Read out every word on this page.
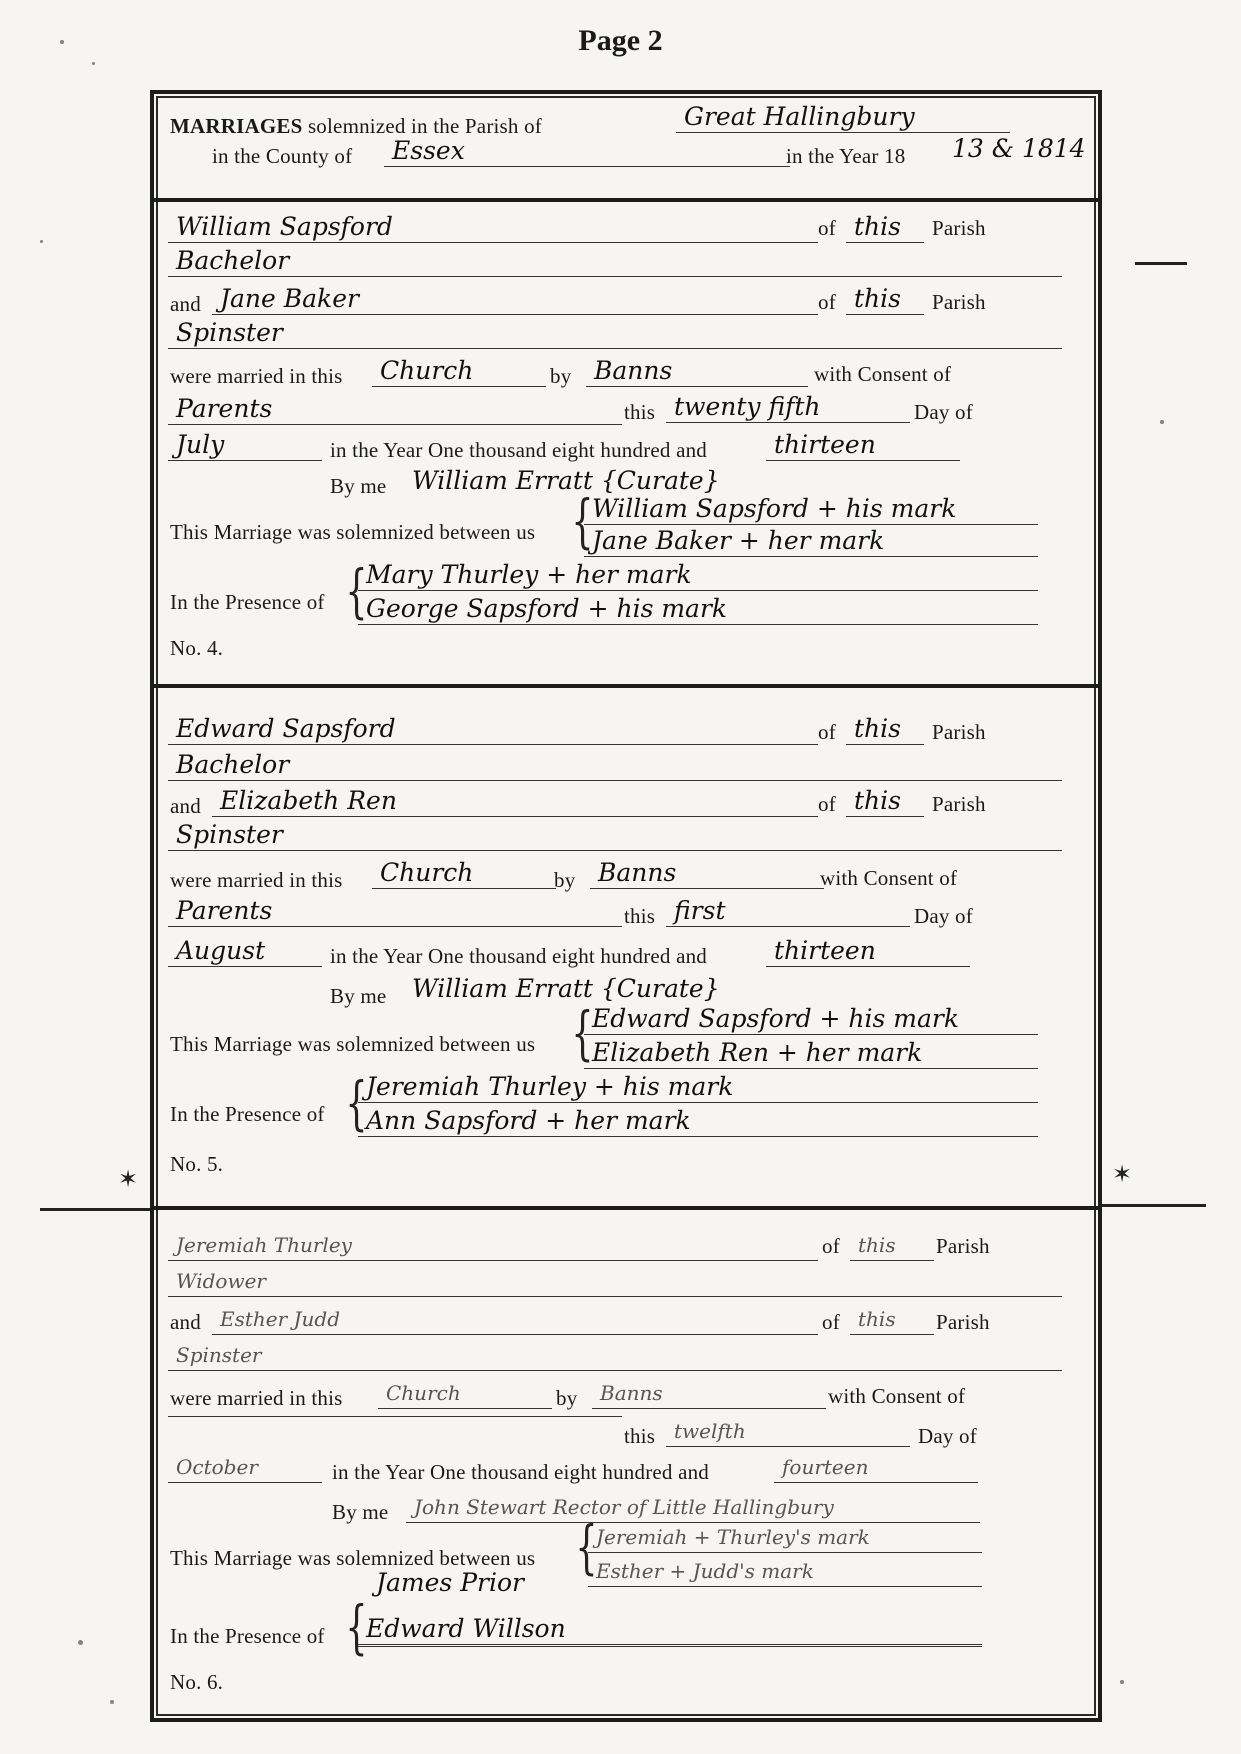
Page 2
✶	✶
MARRIAGES solemnized in the Parish of	Great Hallingbury
in the County of	Essex	in the Year 18	13 & 1814
William Sapsford	of this	Parish
Bachelor
and Jane Baker	of this	Parish
Spinster
were married in this	Church	by Banns	with Consent of
Parents	this twenty fifth	Day of
July	in the Year One thousand eight hundred and	thirteen
By me	William Erratt {Curate}
This Marriage was solemnized between us {
William Sapsford + his mark
Jane Baker + her mark
In the Presence of {
Mary Thurley + her mark
George Sapsford + his mark
No. 4.
Edward Sapsford	of this	Parish
Bachelor
and Elizabeth Ren	of this	Parish
Spinster
were married in this	Church	by Banns	with Consent of
Parents	this first	Day of
August	in the Year One thousand eight hundred and	thirteen
By me	William Erratt {Curate}
This Marriage was solemnized between us {
Edward Sapsford + his mark
Elizabeth Ren + her mark
In the Presence of {
Jeremiah Thurley + his mark
Ann Sapsford + her mark
No. 5.
Jeremiah Thurley	of this	Parish
Widower
and Esther Judd	of this	Parish
Spinster
were married in this	Church	by	Banns	with Consent of
this twelfth	Day of
October	in the Year One thousand eight hundred and	fourteen
By me	John Stewart Rector of Little Hallingbury
This Marriage was solemnized between us {
Jeremiah + Thurley's mark
Esther + Judd's mark
James Prior
In the Presence of {
Edward Willson
No. 6.
